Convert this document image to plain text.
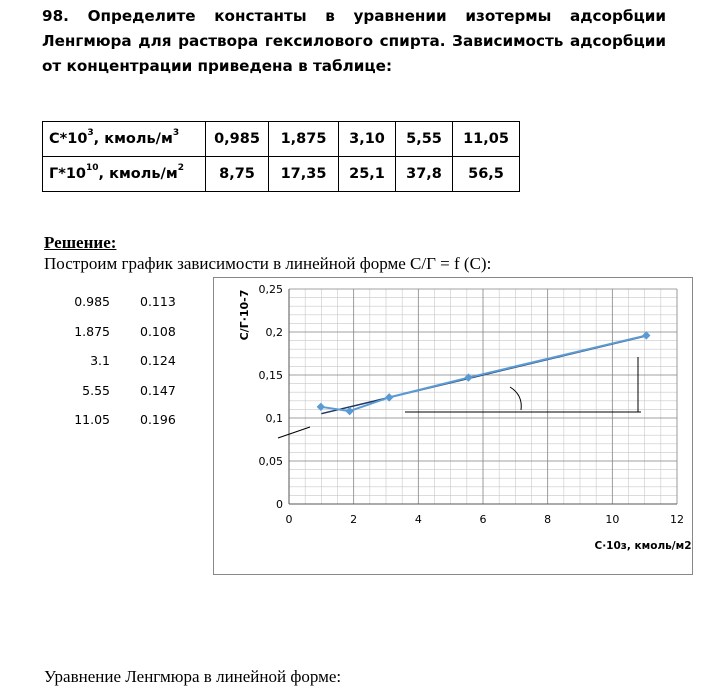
98. Определите константы в уравнении изотермы адсорбции Ленгмюра для раствора гексилового спирта. Зависимость адсорбции от концентрации приведена в таблице:
$С*10^3$, кмоль/$м^3$	0,985	1,875	3,10	5,55	11,05
$Г*10^{10}$, кмоль/$м^2$	8,75	17,35	25,1	37,8	56,5
Решение:
Построим график зависимости в линейной форме С/Г = f (С):
0.985 0.113
1.875 0.108
3.1 0.124
5.55 0.147
11.05 0.196
0
0,05
0,1
0,15
0,2
0,25
0	2	4	6	8	10	12
С/Г·10-7
С·10з, кмоль/м2
Уравнение Ленгмюра в линейной форме:
